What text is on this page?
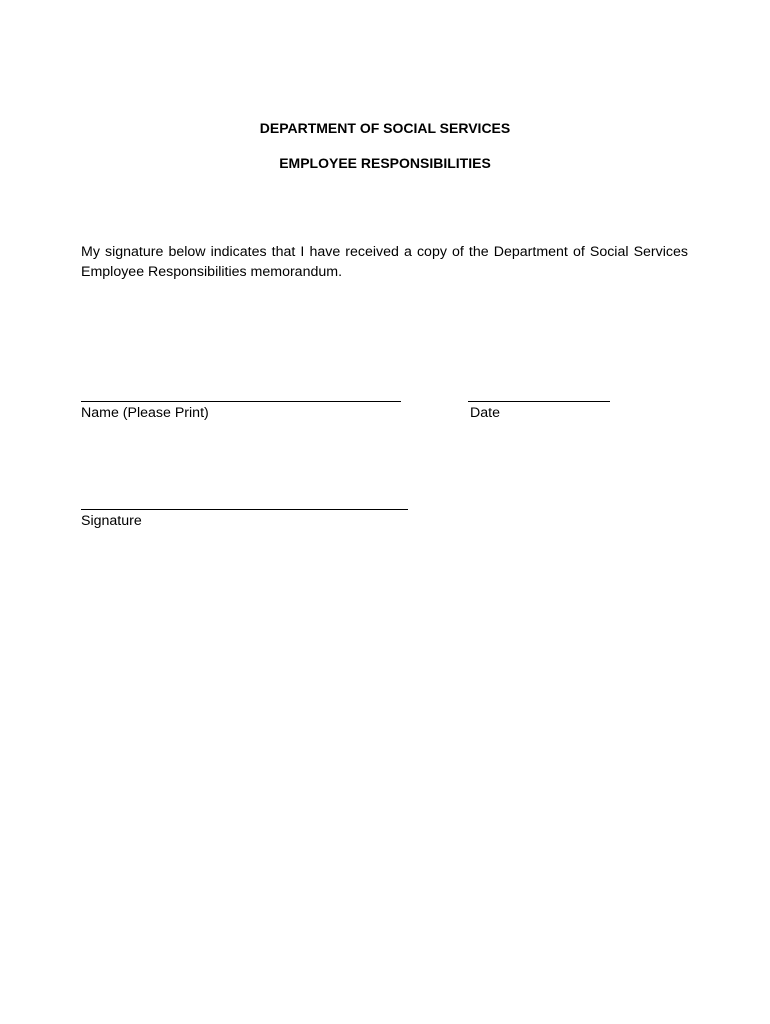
DEPARTMENT OF SOCIAL SERVICES
EMPLOYEE RESPONSIBILITIES
My signature below indicates that I have received a copy of the Department of Social Services Employee Responsibilities memorandum.
Name (Please Print)	Date
Signature
